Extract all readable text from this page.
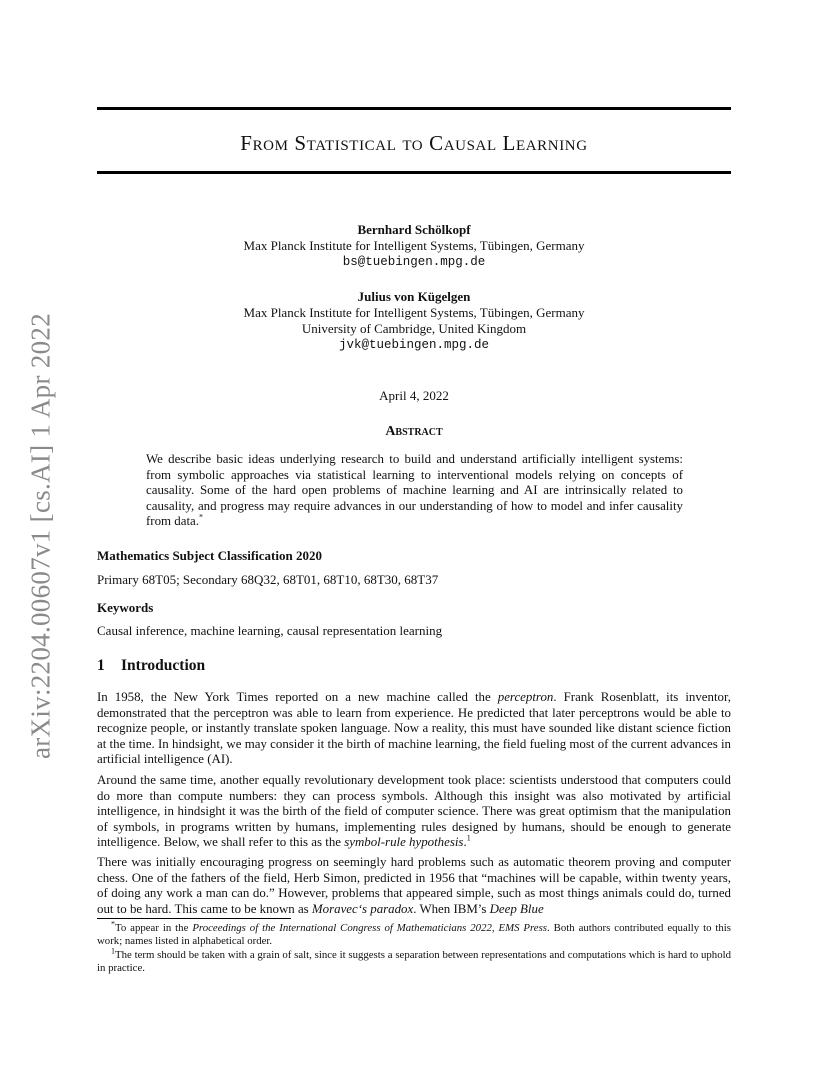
arXiv:2204.00607v1 [cs.AI] 1 Apr 2022
From Statistical to Causal Learning
Bernhard Schölkopf
Max Planck Institute for Intelligent Systems, Tübingen, Germany
bs@tuebingen.mpg.de
Julius von Kügelgen
Max Planck Institute for Intelligent Systems, Tübingen, Germany
University of Cambridge, United Kingdom
jvk@tuebingen.mpg.de
April 4, 2022
Abstract

We describe basic ideas underlying research to build and understand artificially intelligent systems: from symbolic approaches via statistical learning to interventional models relying on concepts of causality. Some of the hard open problems of machine learning and AI are intrinsically related to causality, and progress may require advances in our understanding of how to model and infer causality from data.*

Mathematics Subject Classification 2020
Primary 68T05; Secondary 68Q32, 68T01, 68T10, 68T30, 68T37
Keywords
Causal inference, machine learning, causal representation learning
1 Introduction

In 1958, the New York Times reported on a new machine called the perceptron. Frank Rosenblatt, its inventor, demonstrated that the perceptron was able to learn from experience. He predicted that later perceptrons would be able to recognize people, or instantly translate spoken language. Now a reality, this must have sounded like distant science fiction at the time. In hindsight, we may consider it the birth of machine learning, the field fueling most of the current advances in artificial intelligence (AI).

Around the same time, another equally revolutionary development took place: scientists understood that computers could do more than compute numbers: they can process symbols. Although this insight was also motivated by artificial intelligence, in hindsight it was the birth of the field of computer science. There was great optimism that the manipulation of symbols, in programs written by humans, implementing rules designed by humans, should be enough to generate intelligence. Below, we shall refer to this as the symbol-rule hypothesis.$^1$

There was initially encouraging progress on seemingly hard problems such as automatic theorem proving and computer chess. One of the fathers of the field, Herb Simon, predicted in 1956 that “machines will be capable, within twenty years, of doing any work a man can do.” However, problems that appeared simple, such as most things animals could do, turned out to be hard. This came to be known as Moravec‘s paradox. When IBM’s Deep Blue

*To appear in the Proceedings of the International Congress of Mathematicians 2022, EMS Press. Both authors contributed equally to this work; names listed in alphabetical order.

$^1$The term should be taken with a grain of salt, since it suggests a separation between representations and computations which is hard to uphold in practice.
